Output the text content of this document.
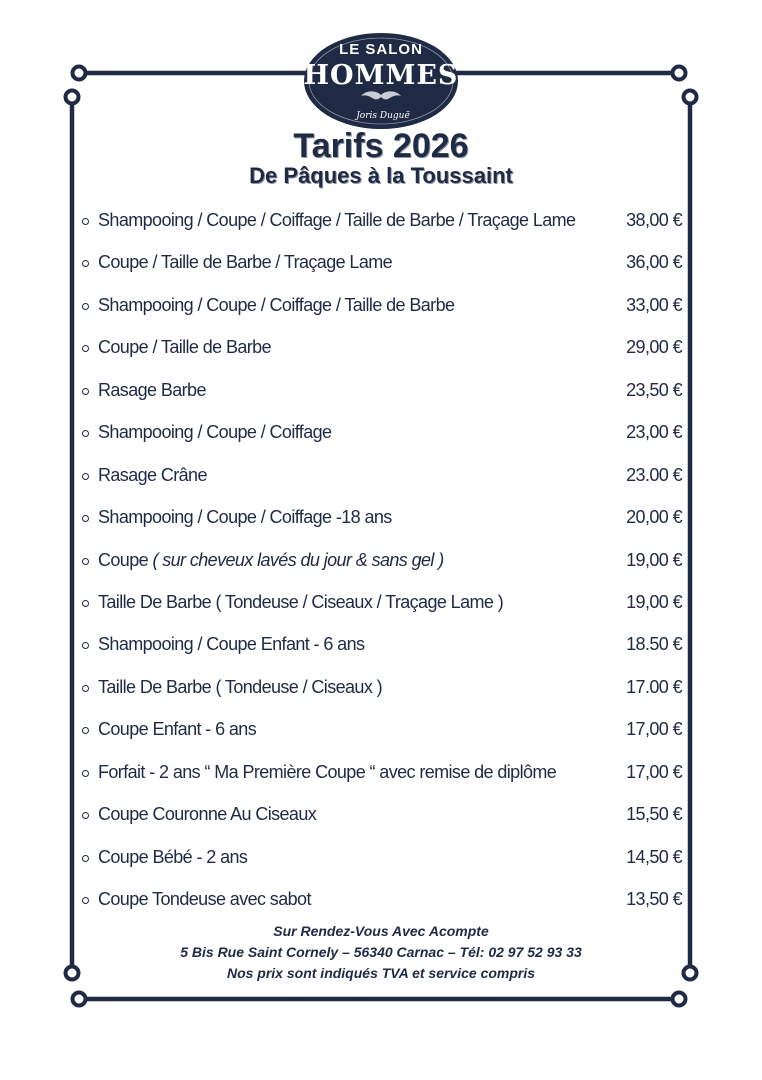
LE SALON
HOMMES
Joris Duguë
Tarifs 2026
De Pâques à la Toussaint
Shampooing / Coupe / Coiffage / Taille de Barbe / Traçage Lame	38,00 €
Coupe / Taille de Barbe / Traçage Lame	36,00 €
Shampooing / Coupe / Coiffage / Taille de Barbe	33,00 €
Coupe / Taille de Barbe	29,00 €
Rasage Barbe	23,50 €
Shampooing / Coupe / Coiffage	23,00 €
Rasage Crâne	23.00 €
Shampooing / Coupe / Coiffage -18 ans	20,00 €
Coupe ( sur cheveux lavés du jour & sans gel )	19,00 €
Taille De Barbe ( Tondeuse / Ciseaux / Traçage Lame )	19,00 €
Shampooing / Coupe Enfant - 6 ans	18.50 €
Taille De Barbe ( Tondeuse / Ciseaux )	17.00 €
Coupe Enfant - 6 ans	17,00 €
Forfait - 2 ans “ Ma Première Coupe “ avec remise de diplôme	17,00 €
Coupe Couronne Au Ciseaux	15,50 €
Coupe Bébé - 2 ans	14,50 €
Coupe Tondeuse avec sabot	13,50 €
Sur Rendez-Vous Avec Acompte
5 Bis Rue Saint Cornely – 56340 Carnac – Tél: 02 97 52 93 33
Nos prix sont indiqués TVA et service compris
